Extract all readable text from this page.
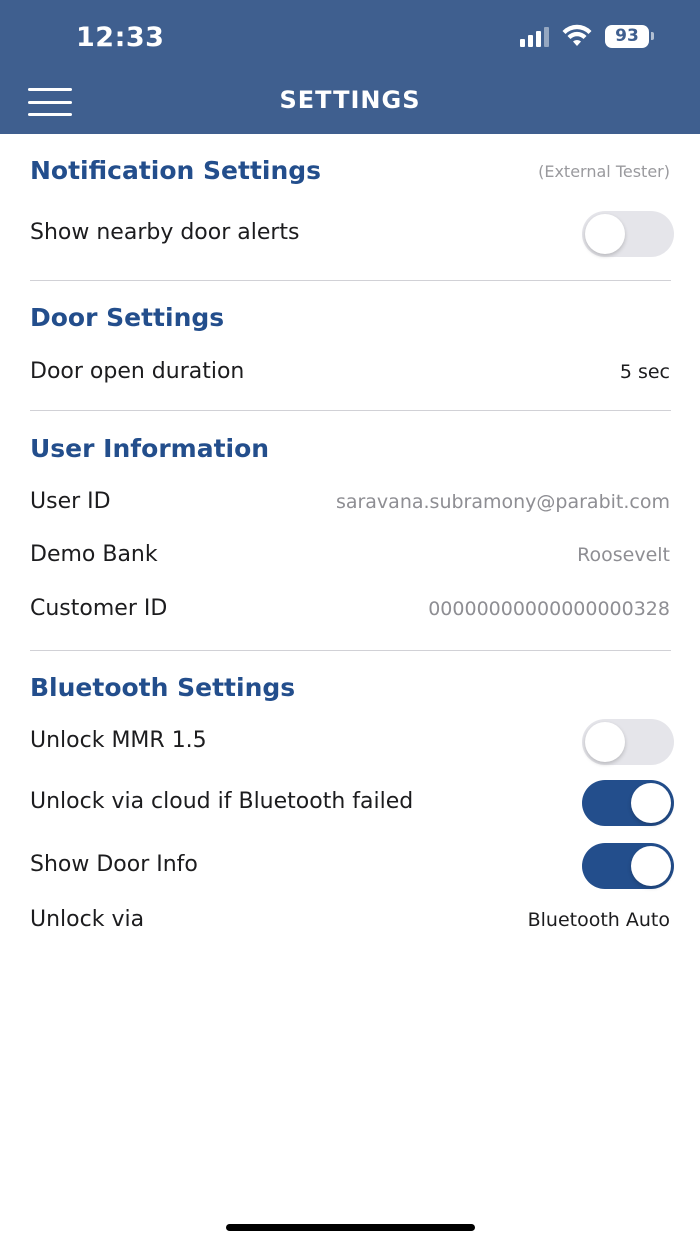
12:33	93
SETTINGS
Notification Settings	(External Tester)
Show nearby door alerts
Door Settings
Door open duration	5 sec
User Information
User ID	saravana.subramony@parabit.com
Demo Bank	Roosevelt
Customer ID	00000000000000000328
Bluetooth Settings
Unlock MMR 1.5
Unlock via cloud if Bluetooth failed
Show Door Info
Unlock via	Bluetooth Auto
